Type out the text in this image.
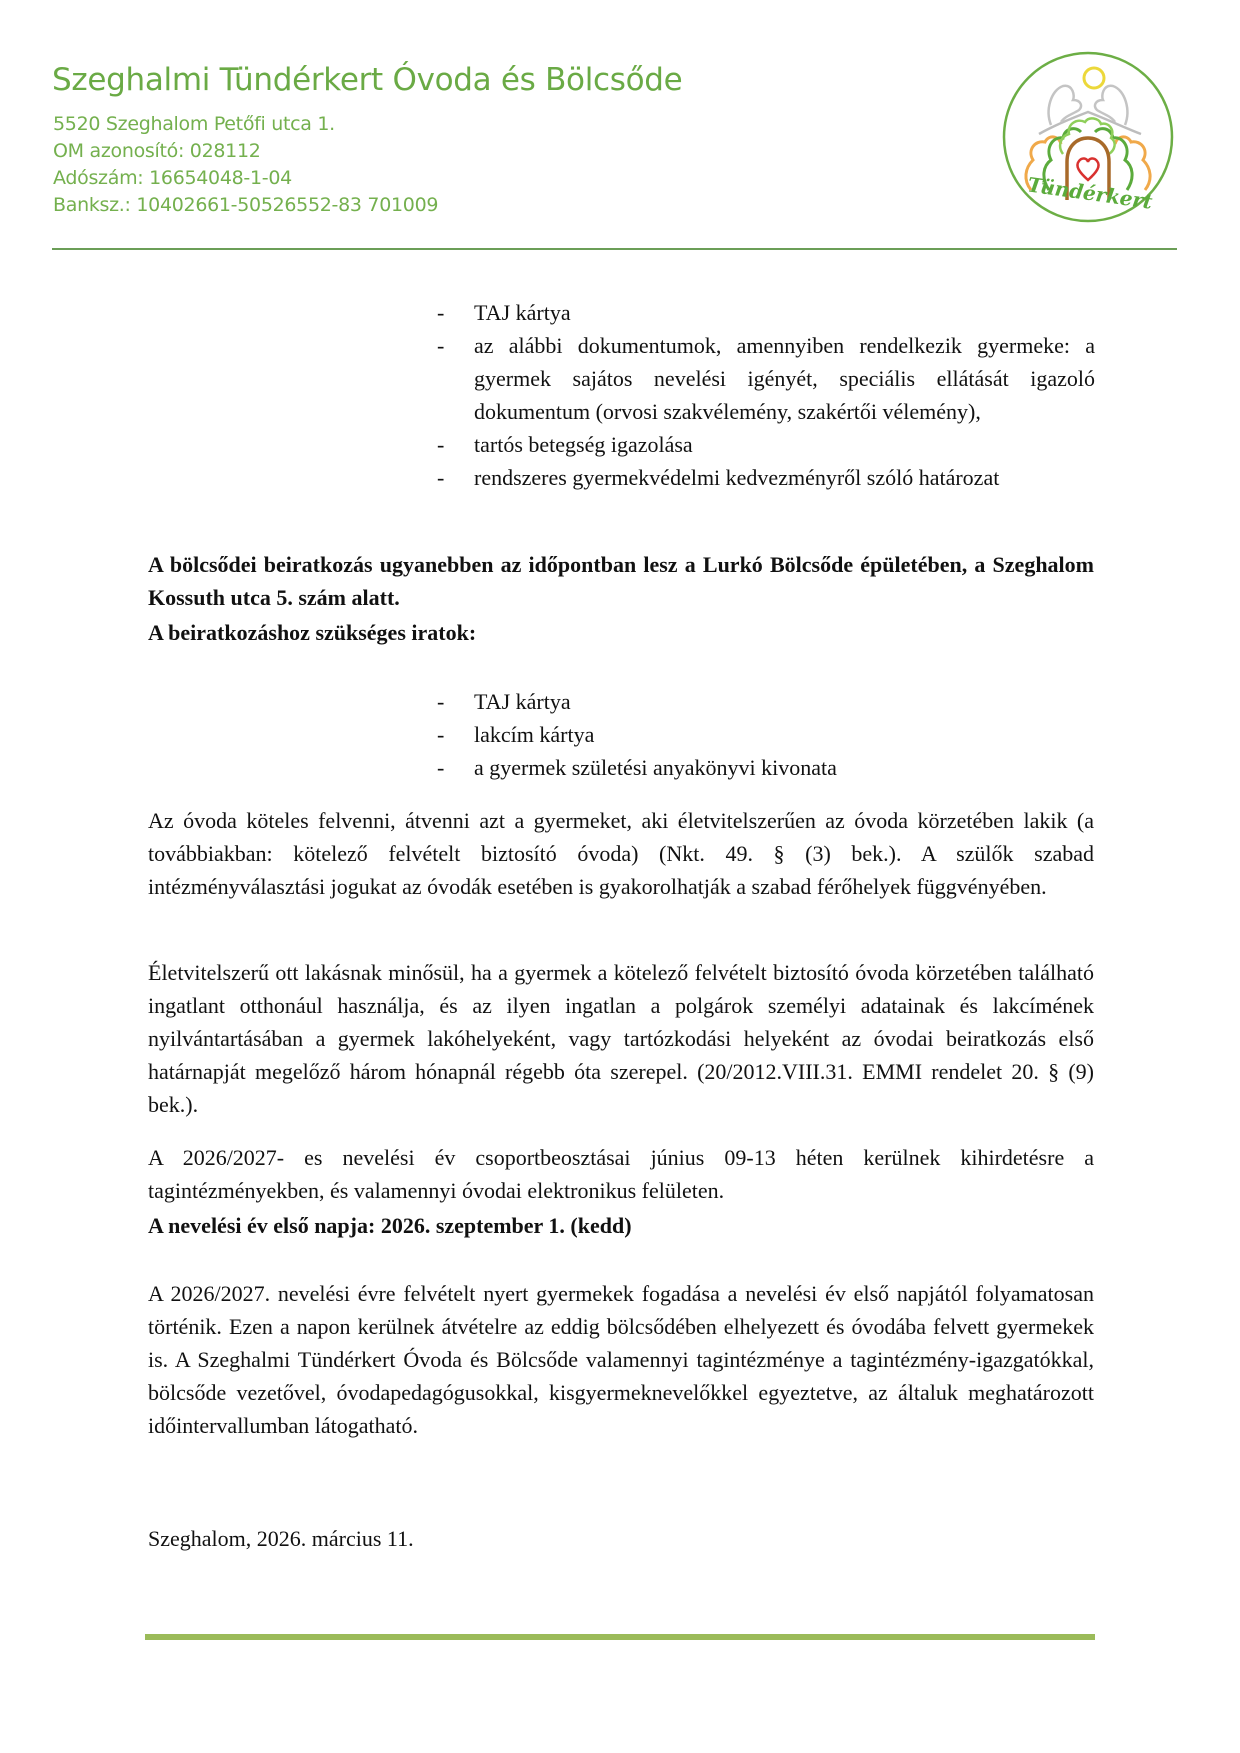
Szeghalmi Tündérkert Óvoda és Bölcsőde
5520 Szeghalom Petőfi utca 1.
OM azonosító: 028112
Adószám: 16654048-1-04
Banksz.: 10402661-50526552-83 701009	Tündérkert
- TAJ kártya
- az alábbi dokumentumok, amennyiben rendelkezik gyermeke: a gyermek sajátos nevelési igényét, speciális ellátását igazoló dokumentum (orvosi szakvélemény, szakértői vélemény),
- tartós betegség igazolása
- rendszeres gyermekvédelmi kedvezményről szóló határozat
A bölcsődei beiratkozás ugyanebben az időpontban lesz a Lurkó Bölcsőde épületében, a Szeghalom Kossuth utca 5. szám alatt.
A beiratkozáshoz szükséges iratok:
- TAJ kártya
- lakcím kártya
- a gyermek születési anyakönyvi kivonata
Az óvoda köteles felvenni, átvenni azt a gyermeket, aki életvitelszerűen az óvoda körzetében lakik (a továbbiakban: kötelező felvételt biztosító óvoda) (Nkt. 49. § (3) bek.). A szülők szabad intézményválasztási jogukat az óvodák esetében is gyakorolhatják a szabad férőhelyek függvényében.
Életvitelszerű ott lakásnak minősül, ha a gyermek a kötelező felvételt biztosító óvoda körzetében található ingatlant otthonául használja, és az ilyen ingatlan a polgárok személyi adatainak és lakcímének nyilvántartásában a gyermek lakóhelyeként, vagy tartózkodási helyeként az óvodai beiratkozás első határnapját megelőző három hónapnál régebb óta szerepel. (20/2012.VIII.31. EMMI rendelet 20. § (9) bek.).
A 2026/2027- es nevelési év csoportbeosztásai június 09-13 héten kerülnek kihirdetésre a tagintézményekben, és valamennyi óvodai elektronikus felületen.
A nevelési év első napja: 2026. szeptember 1. (kedd)
A 2026/2027. nevelési évre felvételt nyert gyermekek fogadása a nevelési év első napjától folyamatosan történik. Ezen a napon kerülnek átvételre az eddig bölcsődében elhelyezett és óvodába felvett gyermekek is. A Szeghalmi Tündérkert Óvoda és Bölcsőde valamennyi tagintézménye a tagintézmény-igazgatókkal, bölcsőde vezetővel, óvodapedagógusokkal, kisgyermeknevelőkkel egyeztetve, az általuk meghatározott időintervallumban látogatható.
Szeghalom, 2026. március 11.
